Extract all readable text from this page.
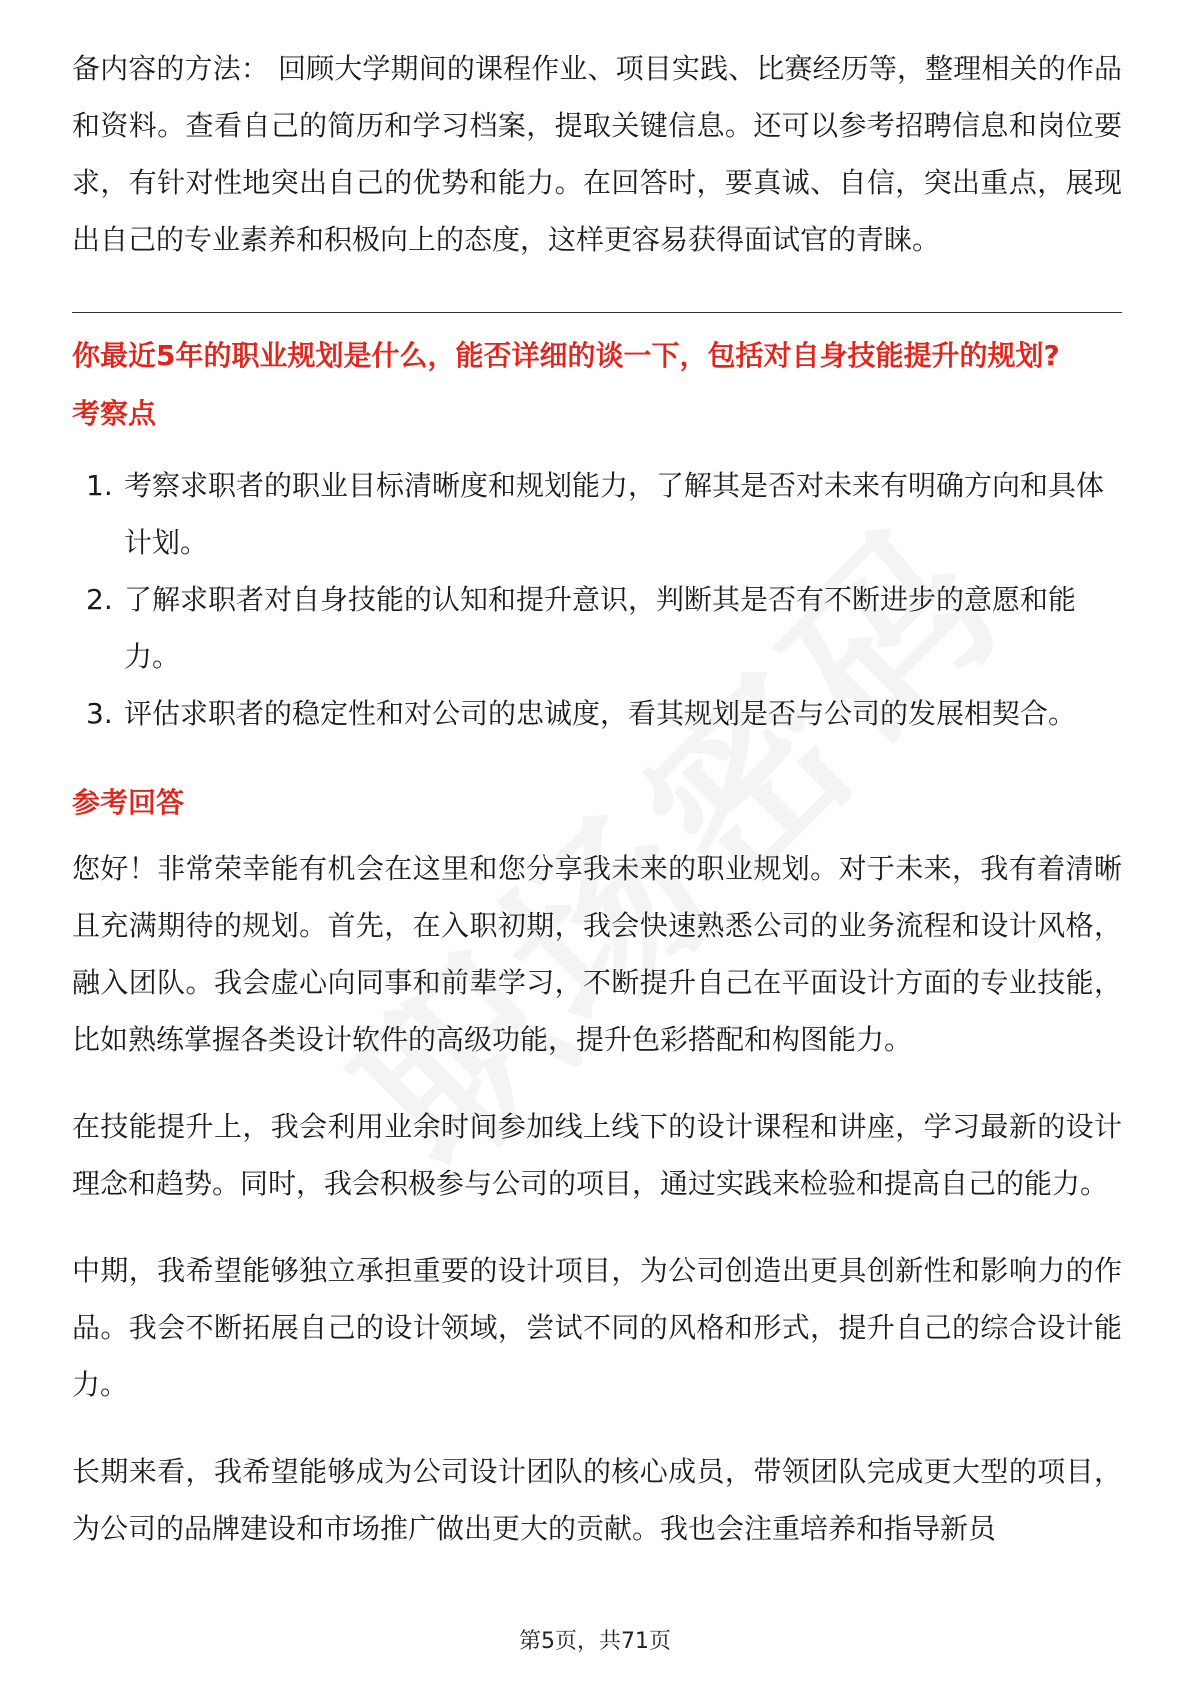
备内容的方法： 回顾大学期间的课程作业、项目实践、比赛经历等，整理相关的作品和资料。查看自己的简历和学习档案，提取关键信息。还可以参考招聘信息和岗位要求，有针对性地突出自己的优势和能力。在回答时，要真诚、自信，突出重点，展现出自己的专业素养和积极向上的态度，这样更容易获得面试官的青睐。

你最近5年的职业规划是什么，能否详细的谈一下，包括对自身技能提升的规划?

考察点

1. 考察求职者的职业目标清晰度和规划能力，了解其是否对未来有明确方向和具体计划。
2. 了解求职者对自身技能的认知和提升意识，判断其是否有不断进步的意愿和能力。
3. 评估求职者的稳定性和对公司的忠诚度，看其规划是否与公司的发展相契合。

参考回答

您好！非常荣幸能有机会在这里和您分享我未来的职业规划。对于未来，我有着清晰且充满期待的规划。首先，在入职初期，我会快速熟悉公司的业务流程和设计风格，融入团队。我会虚心向同事和前辈学习，不断提升自己在平面设计方面的专业技能，比如熟练掌握各类设计软件的高级功能，提升色彩搭配和构图能力。

在技能提升上，我会利用业余时间参加线上线下的设计课程和讲座，学习最新的设计理念和趋势。同时，我会积极参与公司的项目，通过实践来检验和提高自己的能力。

中期，我希望能够独立承担重要的设计项目，为公司创造出更具创新性和影响力的作品。我会不断拓展自己的设计领域，尝试不同的风格和形式，提升自己的综合设计能力。

长期来看，我希望能够成为公司设计团队的核心成员，带领团队完成更大型的项目，为公司的品牌建设和市场推广做出更大的贡献。我也会注重培养和指导新员

第5页，共71页
